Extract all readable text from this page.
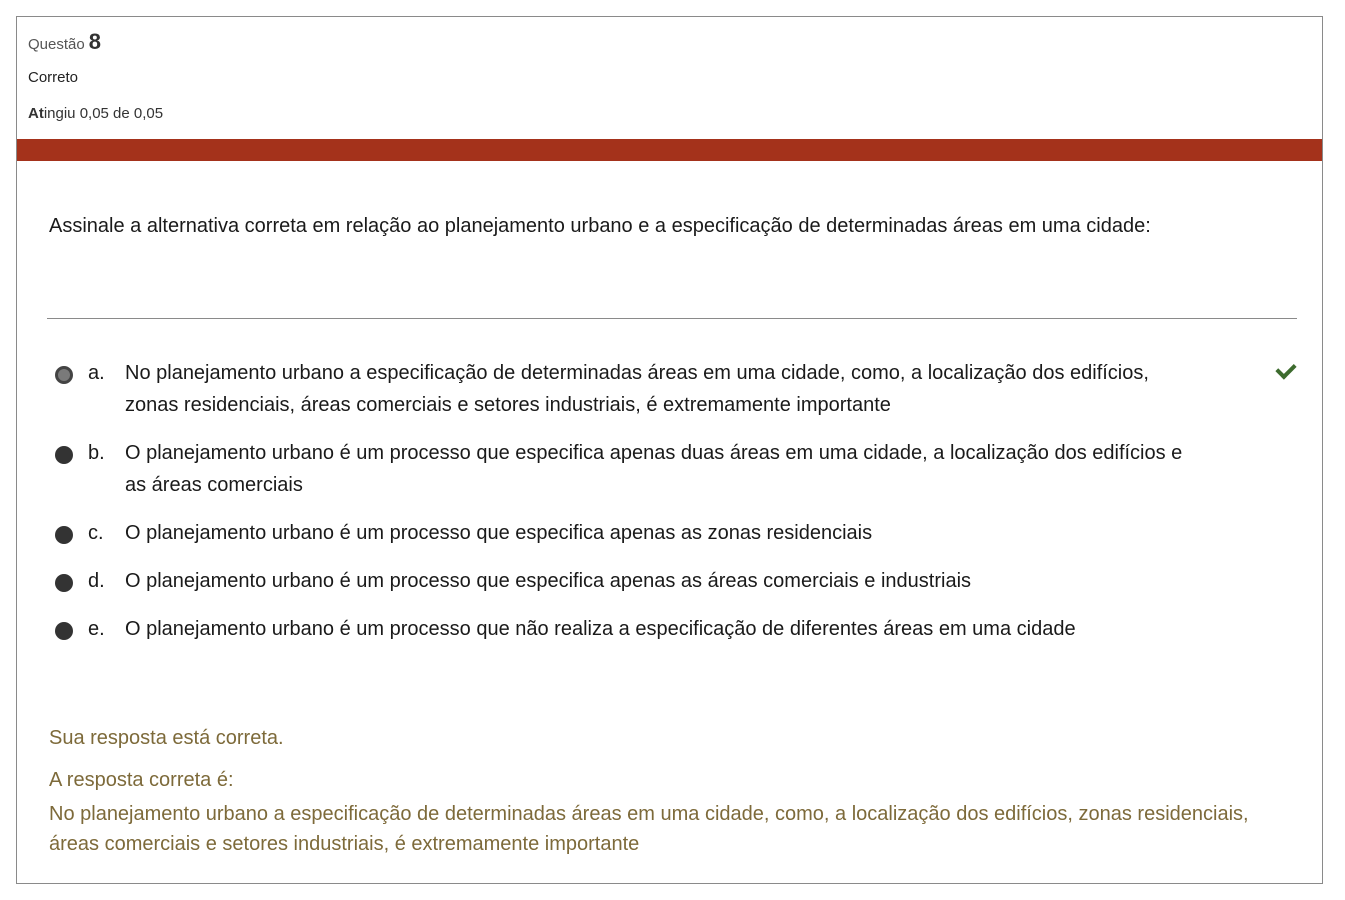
Questão 8
Correto
Atingiu 0,05 de 0,05
Assinale a alternativa correta em relação ao planejamento urbano e a especificação de determinadas áreas em uma cidade:
a. No planejamento urbano a especificação de determinadas áreas em uma cidade, como, a localização dos edifícios, zonas residenciais, áreas comerciais e setores industriais, é extremamente importante
b. O planejamento urbano é um processo que especifica apenas duas áreas em uma cidade, a localização dos edifícios e as áreas comerciais
c. O planejamento urbano é um processo que especifica apenas as zonas residenciais
d. O planejamento urbano é um processo que especifica apenas as áreas comerciais e industriais
e. O planejamento urbano é um processo que não realiza a especificação de diferentes áreas em uma cidade
Sua resposta está correta.
A resposta correta é:
No planejamento urbano a especificação de determinadas áreas em uma cidade, como, a localização dos edifícios, zonas residenciais, áreas comerciais e setores industriais, é extremamente importante
